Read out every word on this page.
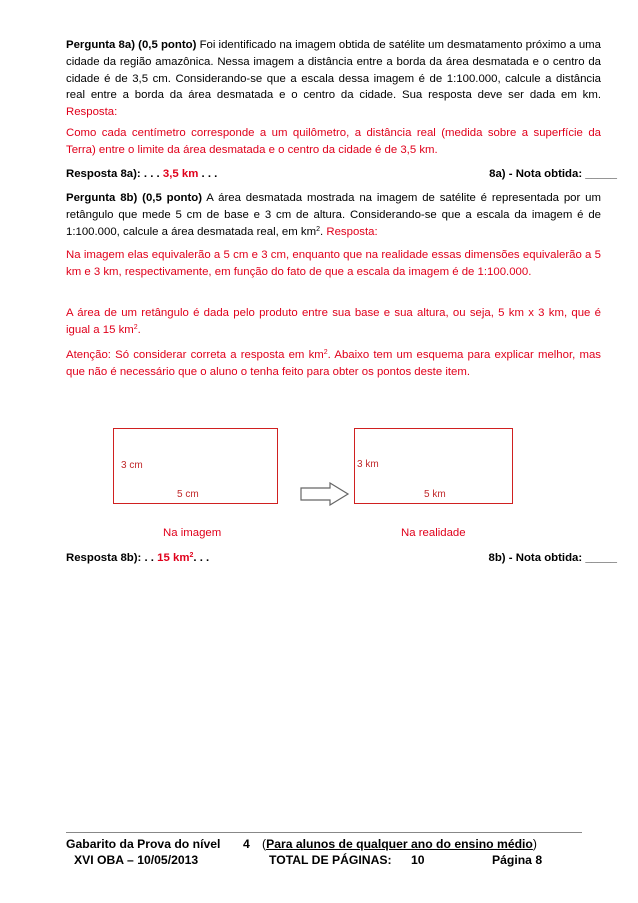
Pergunta 8a) (0,5 ponto) Foi identificado na imagem obtida de satélite um desmatamento próximo a uma cidade da região amazônica. Nessa imagem a distância entre a borda da área desmatada e o centro da cidade é de 3,5 cm. Considerando-se que a escala dessa imagem é de 1:100.000, calcule a distância real entre a borda da área desmatada e o centro da cidade. Sua resposta deve ser dada em km. Resposta:

Como cada centímetro corresponde a um quilômetro, a distância real (medida sobre a superfície da Terra) entre o limite da área desmatada e o centro da cidade é de 3,5 km.

Resposta 8a): . . . 3,5 km . . .	8a) - Nota obtida: _____

Pergunta 8b) (0,5 ponto) A área desmatada mostrada na imagem de satélite é representada por um retângulo que mede 5 cm de base e 3 cm de altura. Considerando-se que a escala da imagem é de 1:100.000, calcule a área desmatada real, em $km^2$. Resposta:

Na imagem elas equivalerão a 5 cm e 3 cm, enquanto que na realidade essas dimensões equivalerão a 5 km e 3 km, respectivamente, em função do fato de que a escala da imagem é de 1:100.000.

A área de um retângulo é dada pelo produto entre sua base e sua altura, ou seja, 5 km x 3 km, que é igual a 15 $km^2$.

Atenção: Só considerar correta a resposta em $km^2$. Abaixo tem um esquema para explicar melhor, mas que não é necessário que o aluno o tenha feito para obter os pontos deste item.

3 cm
5 cm
3 km
5 km
Na imagem	Na realidade
Resposta 8b): . . 15 $km^2$. . .	8b) - Nota obtida: _____
Gabarito da Prova do nível 4 (Para alunos de qualquer ano do ensino médio)
XVI OBA – 10/05/2013	TOTAL DE PÁGINAS: 10	Página 8
